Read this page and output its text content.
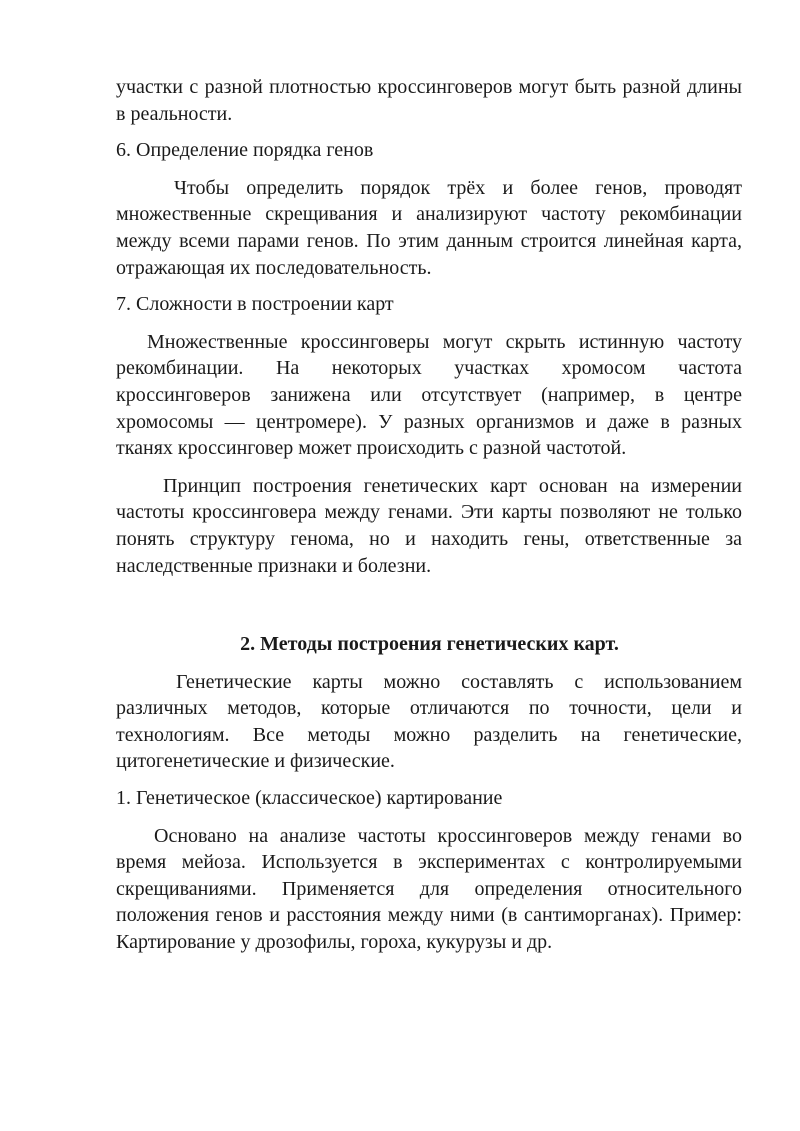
участки с разной плотностью кроссинговеров могут быть разной длины в реальности.

6. Определение порядка генов

Чтобы определить порядок трёх и более генов, проводят множественные скрещивания и анализируют частоту рекомбинации между всеми парами генов. По этим данным строится линейная карта, отражающая их последовательность.

7. Сложности в построении карт

Множественные кроссинговеры могут скрыть истинную частоту рекомбинации. На некоторых участках хромосом частота кроссинговеров занижена или отсутствует (например, в центре хромосомы — центромере). У разных организмов и даже в разных тканях кроссинговер может происходить с разной частотой.

Принцип построения генетических карт основан на измерении частоты кроссинговера между генами. Эти карты позволяют не только понять структуру генома, но и находить гены, ответственные за наследственные признаки и болезни.

2. Методы построения генетических карт.

Генетические карты можно составлять с использованием различных методов, которые отличаются по точности, цели и технологиям. Все методы можно разделить на генетические, цитогенетические и физические.

1. Генетическое (классическое) картирование

Основано на анализе частоты кроссинговеров между генами во время мейоза. Используется в экспериментах с контролируемыми скрещиваниями. Применяется для определения относительного положения генов и расстояния между ними (в сантиморганах). Пример: Картирование у дрозофилы, гороха, кукурузы и др.
